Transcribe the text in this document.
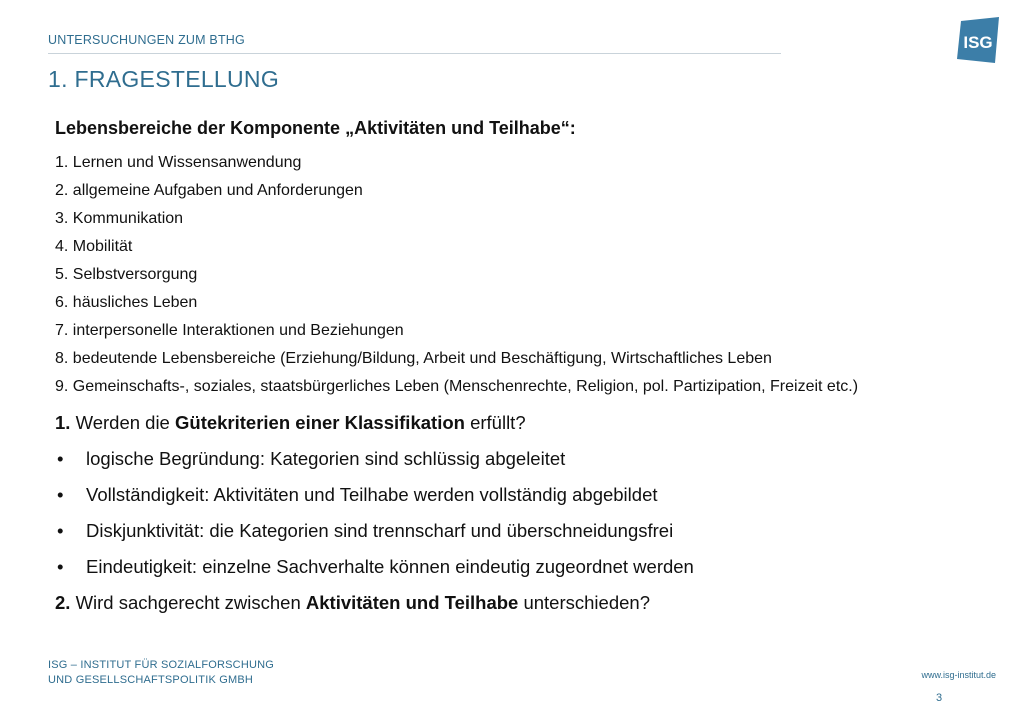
UNTERSUCHUNGEN ZUM BTHG
1. FRAGESTELLUNG
ISG
Lebensbereiche der Komponente „Aktivitäten und Teilhabe“:
1. Lernen und Wissensanwendung
2. allgemeine Aufgaben und Anforderungen
3. Kommunikation
4. Mobilität
5. Selbstversorgung
6. häusliches Leben
7. interpersonelle Interaktionen und Beziehungen
8. bedeutende Lebensbereiche (Erziehung/Bildung, Arbeit und Beschäftigung, Wirtschaftliches Leben
9. Gemeinschafts-, soziales, staatsbürgerliches Leben (Menschenrechte, Religion, pol. Partizipation, Freizeit etc.)
1. Werden die Gütekriterien einer Klassifikation erfüllt?
• logische Begründung: Kategorien sind schlüssig abgeleitet
• Vollständigkeit: Aktivitäten und Teilhabe werden vollständig abgebildet
• Diskjunktivität: die Kategorien sind trennscharf und überschneidungsfrei
• Eindeutigkeit: einzelne Sachverhalte können eindeutig zugeordnet werden
2. Wird sachgerecht zwischen Aktivitäten und Teilhabe unterschieden?
ISG – INSTITUT FÜR SOZIALFORSCHUNG
UND GESELLSCHAFTSPOLITIK GMBH	www.isg-institut.de
3
